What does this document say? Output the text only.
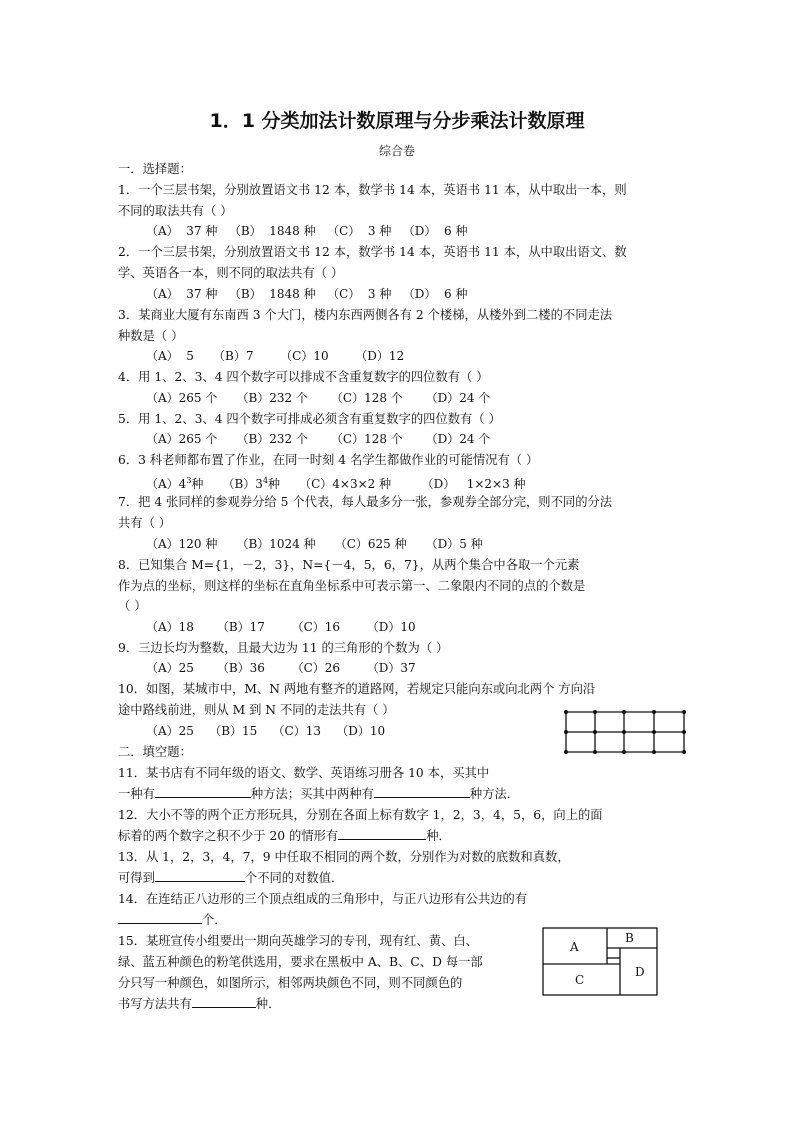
1．1 分类加法计数原理与分步乘法计数原理
综合卷
一．选择题：
1．一个三层书架，分别放置语文书 12 本，数学书 14 本，英语书 11 本，从中取出一本，则
不同的取法共有（ ）
（A）  37 种   （B）  1848 种   （C）  3 种   （D）  6 种
2．一个三层书架，分别放置语文书 12 本，数学书 14 本，英语书 11 本，从中取出语文、数
学、英语各一本，则不同的取法共有（ ）
（A）  37 种   （B）  1848 种   （C）  3 种   （D）  6 种
3．某商业大厦有东南西 3 个大门，楼内东西两侧各有 2 个楼梯，从楼外到二楼的不同走法
种数是（ ）
（A）  5     （B）7       （C）10       （D）12
4．用 1、2、3、4 四个数字可以排成不含重复数字的四位数有（ ）
（A）265 个     （B）232 个      （C）128 个      （D）24 个
5．用 1、2、3、4 四个数字可排成必须含有重复数字的四位数有（ ）
（A）265 个     （B）232 个      （C）128 个      （D）24 个
6．3 科老师都布置了作业，在同一时刻 4 名学生都做作业的可能情况有（ ）
$(A)4^3$种     $(B)3^4$种     （C）4×3×2 种        （D）   1×2×3 种
7．把 4 张同样的参观券分给 5 个代表，每人最多分一张，参观券全部分完，则不同的分法
共有（ ）
（A）120 种     （B）1024 种     （C）625 种     （D）5 种
8．已知集合 M={1，－2，3}，N={－4，5，6，7}，从两个集合中各取一个元素
作为点的坐标，则这样的坐标在直角坐标系中可表示第一、二象限内不同的点的个数是
（ ）
（A）18      （B）17       （C）16       （D）10
9．三边长均为整数，且最大边为 11 的三角形的个数为（ ）
（A）25      （B）36       （C）26       （D）37
10．如图，某城市中，M、N 两地有整齐的道路网，若规定只能向东或向北两个 方向沿
途中路线前进，则从 M 到 N 不同的走法共有（ ）
（A）25    （B）15    （C）13    （D）10
二．填空题：
11．某书店有不同年级的语文、数学、英语练习册各 10 本，买其中
一种有	种方法；买其中两种有	种方法．
12．大小不等的两个正方形玩具，分别在各面上标有数字 1，2，3，4，5，6，向上的面
标着的两个数字之积不少于 20 的情形有	种．
13．从 1，2，3，4，7，9 中任取不相同的两个数，分别作为对数的底数和真数，
可得到	个不同的对数值．
14．在连结正八边形的三个顶点组成的三角形中，与正八边形有公共边的有
个．
15．某班宣传小组要出一期向英雄学习的专刊，现有红、黄、白、
绿、蓝五种颜色的粉笔供选用，要求在黑板中 A、B、C、D 每一部
分只写一种颜色，如图所示，相邻两块颜色不同，则不同颜色的
书写方法共有	种．
A
B
C
D
